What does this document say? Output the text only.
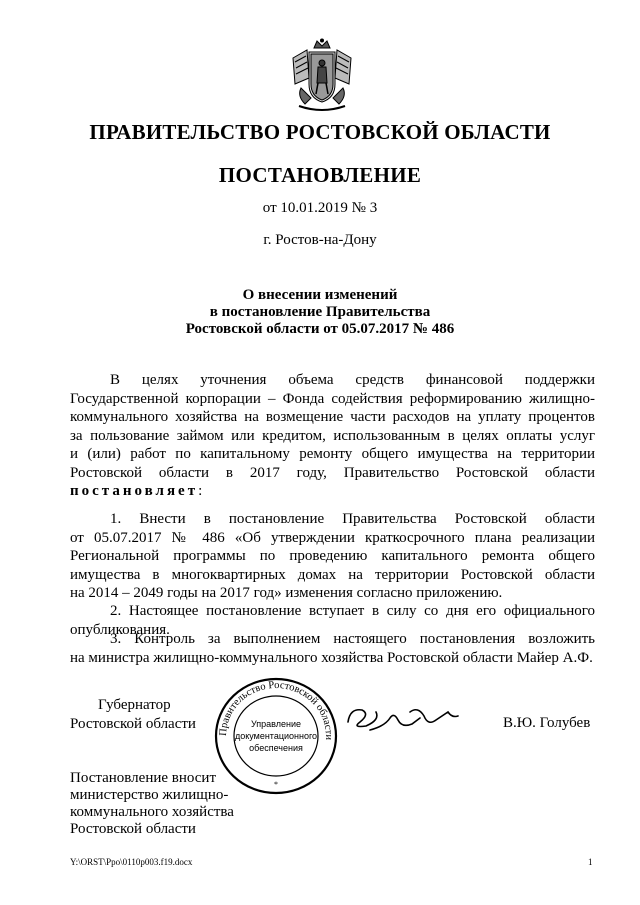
ПРАВИТЕЛЬСТВО РОСТОВСКОЙ ОБЛАСТИ
ПОСТАНОВЛЕНИЕ
от 10.01.2019 № 3
г. Ростов-на-Дону
О внесении изменений
в постановление Правительства
Ростовской области от 05.07.2017 № 486
В целях уточнения объема средств финансовой поддержки
Государственной корпорации – Фонда содействия реформированию жилищно-
коммунального хозяйства на возмещение части расходов на уплату процентов
за пользование займом или кредитом, использованным в целях оплаты услуг
и (или) работ по капитальному ремонту общего имущества на территории
Ростовской области в 2017 году, Правительство Ростовской области
постановляет:
1. Внести в постановление Правительства Ростовской области
от 05.07.2017 № 486 «Об утверждении краткосрочного плана реализации
Региональной программы по проведению капитального ремонта общего
имущества в многоквартирных домах на территории Ростовской области
на 2014 – 2049 годы на 2017 год» изменения согласно приложению.
2. Настоящее постановление вступает в силу со дня его официального
опубликования.
3. Контроль за выполнением настоящего постановления возложить
на министра жилищно-коммунального хозяйства Ростовской области Майер А.Ф.
Губернатор
Ростовской области
Правительство Ростовской области
Управление
документационного
обеспечения
*
В.Ю. Голубев
Постановление вносит
министерство жилищно-
коммунального хозяйства
Ростовской области
Y:\ORST\Ppo\0110p003.f19.docx	1
